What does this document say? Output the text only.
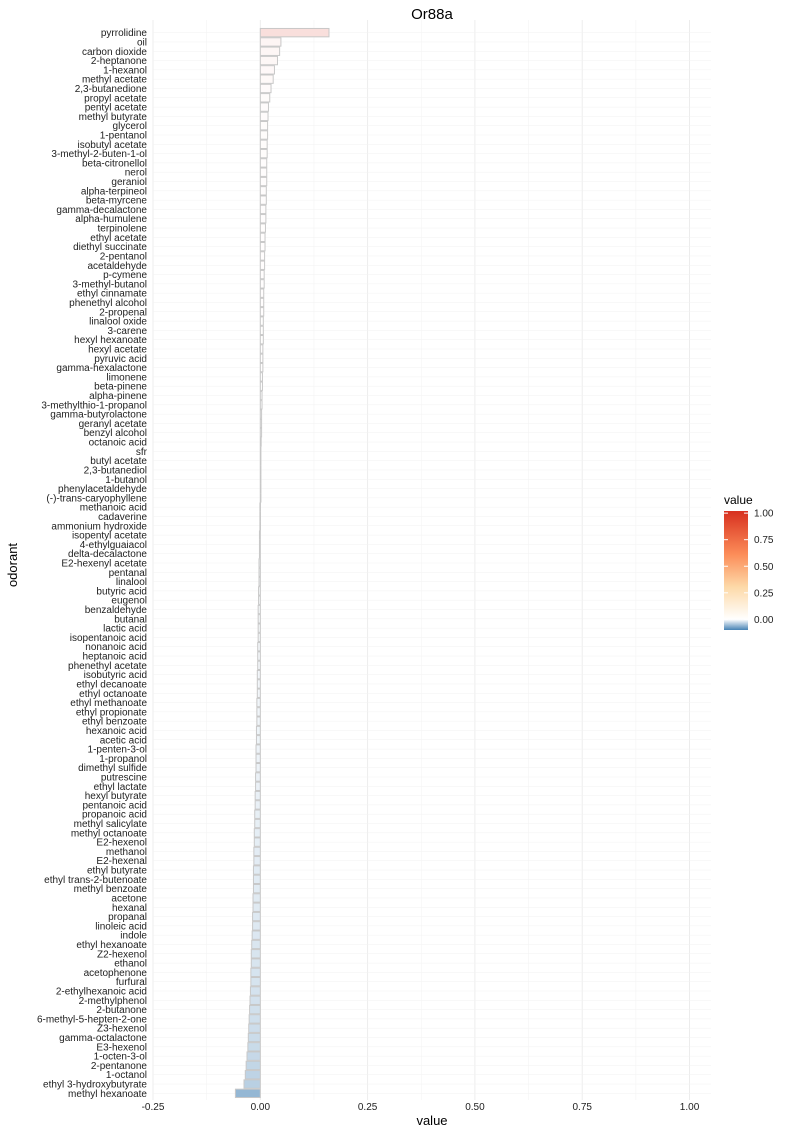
pyrrolidine
oil
carbon dioxide
2-heptanone
1-hexanol
methyl acetate
2,3-butanedione
propyl acetate
pentyl acetate
methyl butyrate
glycerol
1-pentanol
isobutyl acetate
3-methyl-2-buten-1-ol
beta-citronellol
nerol
geraniol
alpha-terpineol
beta-myrcene
gamma-decalactone
alpha-humulene
terpinolene
ethyl acetate
diethyl succinate
2-pentanol
acetaldehyde
p-cymene
3-methyl-butanol
ethyl cinnamate
phenethyl alcohol
2-propenal
linalool oxide
3-carene
hexyl hexanoate
hexyl acetate
pyruvic acid
gamma-hexalactone
limonene
beta-pinene
alpha-pinene
3-methylthio-1-propanol
gamma-butyrolactone
geranyl acetate
benzyl alcohol
octanoic acid
sfr
butyl acetate
2,3-butanediol
1-butanol
phenylacetaldehyde
(-)-trans-caryophyllene
methanoic acid
cadaverine
ammonium hydroxide
isopentyl acetate
4-ethylguaiacol
delta-decalactone
E2-hexenyl acetate
pentanal
linalool
butyric acid
eugenol
benzaldehyde
butanal
lactic acid
isopentanoic acid
nonanoic acid
heptanoic acid
phenethyl acetate
isobutyric acid
ethyl decanoate
ethyl octanoate
ethyl methanoate
ethyl propionate
ethyl benzoate
hexanoic acid
acetic acid
1-penten-3-ol
1-propanol
dimethyl sulfide
putrescine
ethyl lactate
hexyl butyrate
pentanoic acid
propanoic acid
methyl salicylate
methyl octanoate
E2-hexenol
methanol
E2-hexenal
ethyl butyrate
ethyl trans-2-butenoate
methyl benzoate
acetone
hexanal
propanal
linoleic acid
indole
ethyl hexanoate
Z2-hexenol
ethanol
acetophenone
furfural
2-ethylhexanoic acid
2-methylphenol
2-butanone
6-methyl-5-hepten-2-one
Z3-hexenol
gamma-octalactone
E3-hexenol
1-octen-3-ol
2-pentanone
1-octanol
ethyl 3-hydroxybutyrate
methyl hexanoate
-0.25	0.00	0.25	0.50	0.75	1.00
Or88a
value
odorant
value
0.00
0.25
0.50
0.75
1.00
